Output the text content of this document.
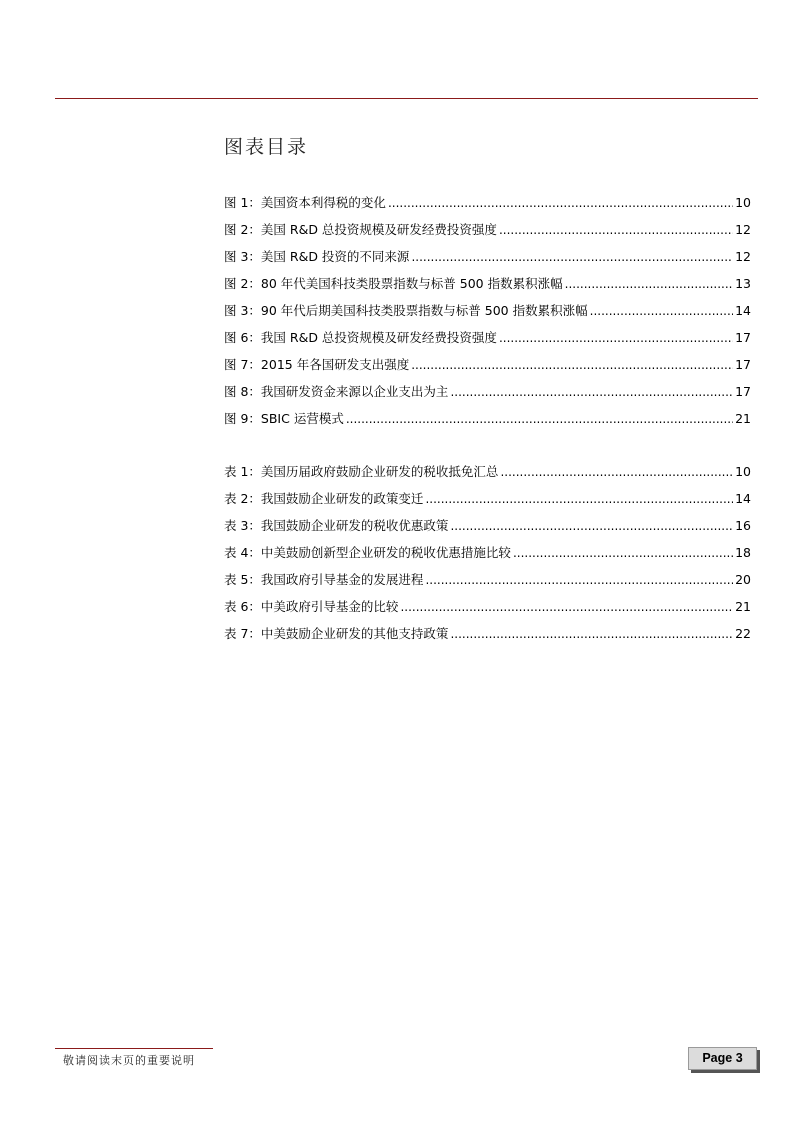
图表目录
图 1：美国资本利得税的变化 .....	10
图 2：美国 R&D 总投资规模及研发经费投资强度 .....	12
图 3：美国 R&D 投资的不同来源 .....	12
图 2：80 年代美国科技类股票指数与标普 500 指数累积涨幅 .....	13
图 3：90 年代后期美国科技类股票指数与标普 500 指数累积涨幅 .....	14
图 6：我国 R&D 总投资规模及研发经费投资强度 .....	17
图 7：2015 年各国研发支出强度 .....	17
图 8：我国研发资金来源以企业支出为主 .....	17
图 9：SBIC 运营模式 .....	21
表 1：美国历届政府鼓励企业研发的税收抵免汇总 .....	10
表 2：我国鼓励企业研发的政策变迁 .....	14
表 3：我国鼓励企业研发的税收优惠政策 .....	16
表 4：中美鼓励创新型企业研发的税收优惠措施比较 .....	18
表 5：我国政府引导基金的发展进程 .....	20
表 6：中美政府引导基金的比较 .....	21
表 7：中美鼓励企业研发的其他支持政策 .....	22
敬请阅读末页的重要说明	Page 3
